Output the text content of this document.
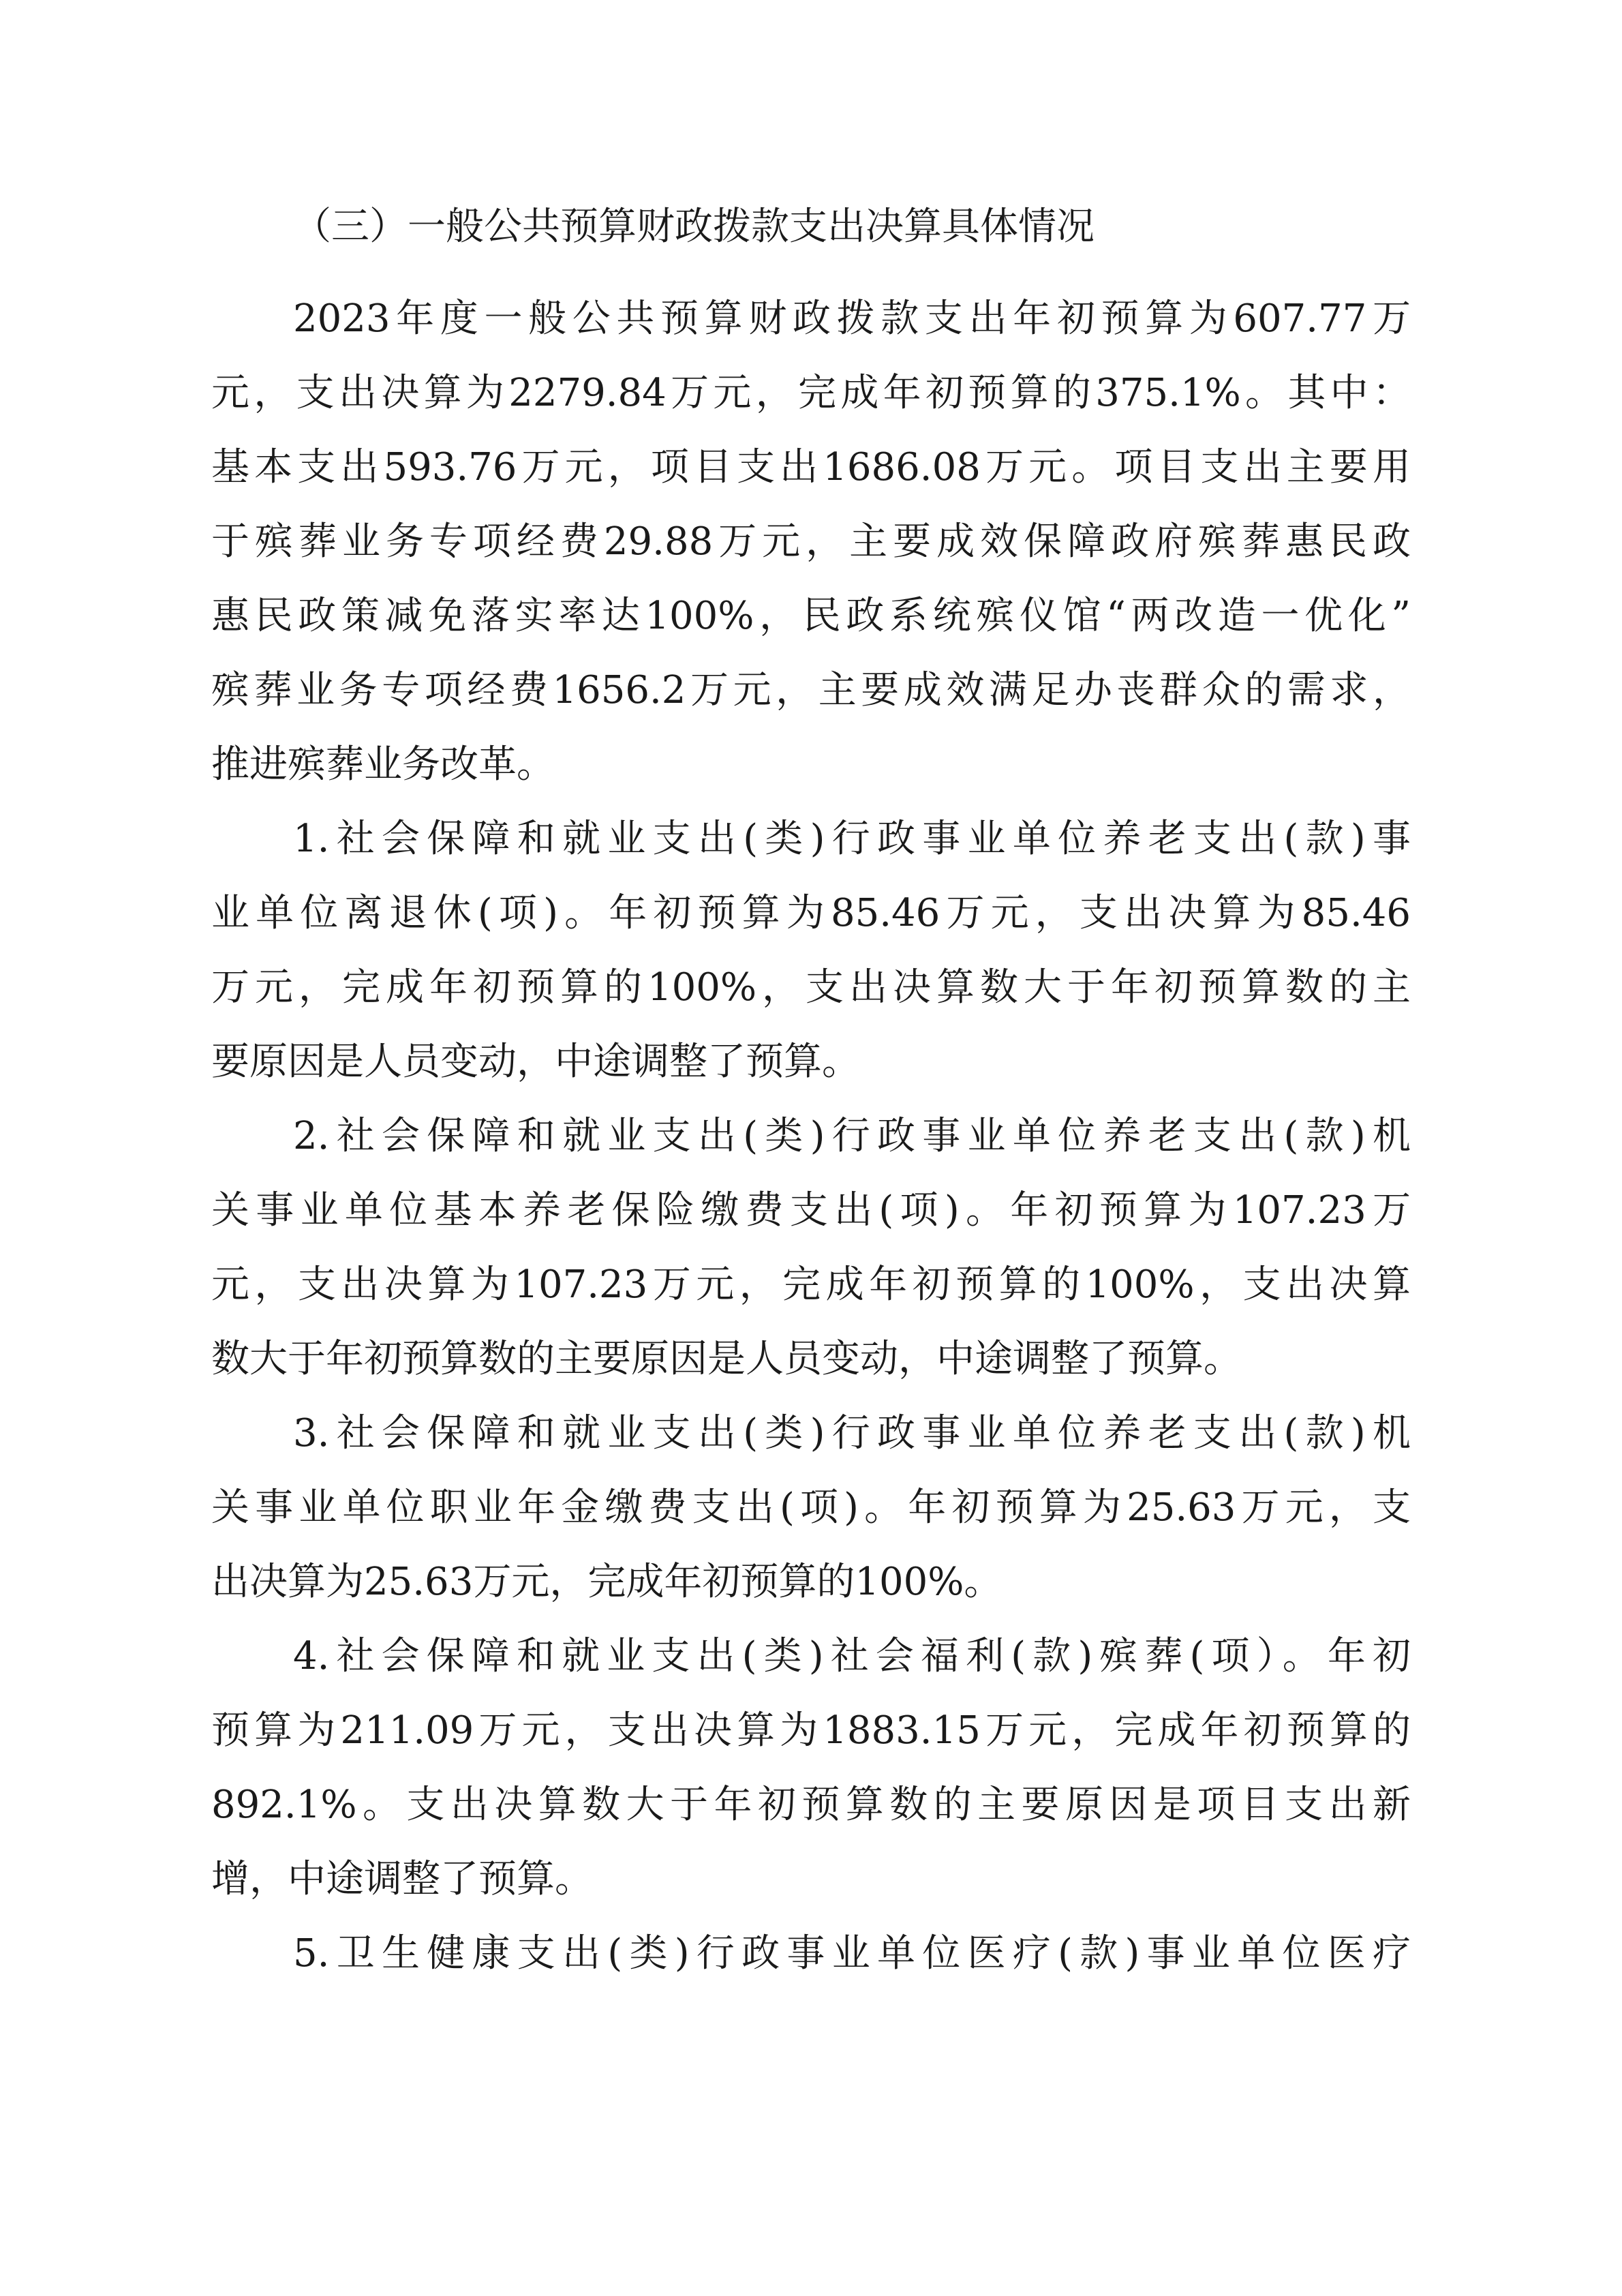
（三）一般公共预算财政拨款支出决算具体情况
2023年度一般公共预算财政拨款支出年初预算为607.77万
元，支出决算为2279.84万元，完成年初预算的375.1%。其中：
基本支出593.76万元，项目支出1686.08万元。项目支出主要用
于殡葬业务专项经费29.88万元，主要成效保障政府殡葬惠民政
惠民政策减免落实率达100%，民政系统殡仪馆“两改造一优化”
殡葬业务专项经费1656.2万元，主要成效满足办丧群众的需求，
推进殡葬业务改革。
1.社会保障和就业支出(类)行政事业单位养老支出(款)事
业单位离退休(项)。年初预算为85.46万元，支出决算为85.46
万元，完成年初预算的100%，支出决算数大于年初预算数的主
要原因是人员变动，中途调整了预算。
2.社会保障和就业支出(类)行政事业单位养老支出(款)机
关事业单位基本养老保险缴费支出(项)。年初预算为107.23万
元，支出决算为107.23万元，完成年初预算的100%，支出决算
数大于年初预算数的主要原因是人员变动，中途调整了预算。
3.社会保障和就业支出(类)行政事业单位养老支出(款)机
关事业单位职业年金缴费支出(项)。年初预算为25.63万元，支
出决算为25.63万元，完成年初预算的100%。
4.社会保障和就业支出(类)社会福利(款)殡葬(项）。年初
预算为211.09万元，支出决算为1883.15万元，完成年初预算的
892.1%。支出决算数大于年初预算数的主要原因是项目支出新
增，中途调整了预算。
5.卫生健康支出(类)行政事业单位医疗(款)事业单位医疗
